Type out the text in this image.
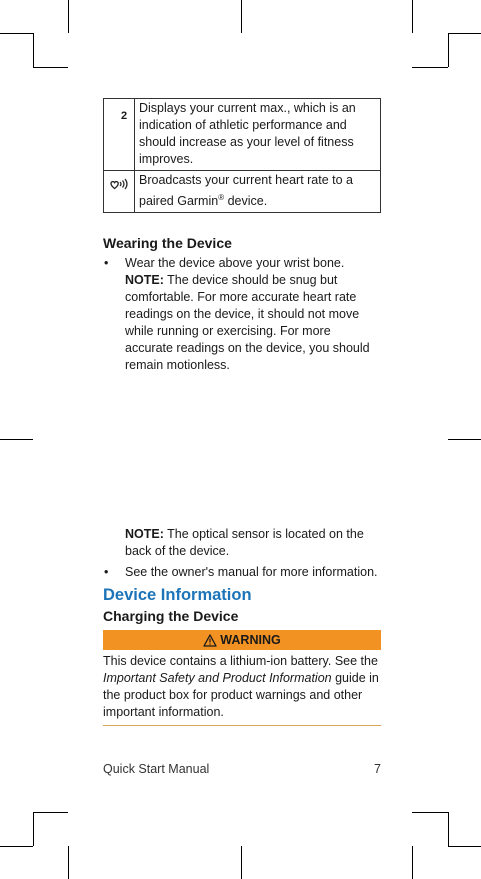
2	Displays your current max., which is an indication of athletic performance and should increase as your level of fitness improves.

	Broadcasts your current heart rate to a paired Garmin® device.
Wearing the Device
• Wear the device above your wrist bone.
NOTE: The device should be snug but comfortable. For more accurate heart rate readings on the device, it should not move while running or exercising. For more accurate readings on the device, you should remain motionless.
NOTE: The optical sensor is located on the back of the device.
• See the owner's manual for more information.
Device Information
Charging the Device
WARNING
This device contains a lithium-ion battery. See the Important Safety and Product Information guide in the product box for product warnings and other important information.
Quick Start Manual	7
